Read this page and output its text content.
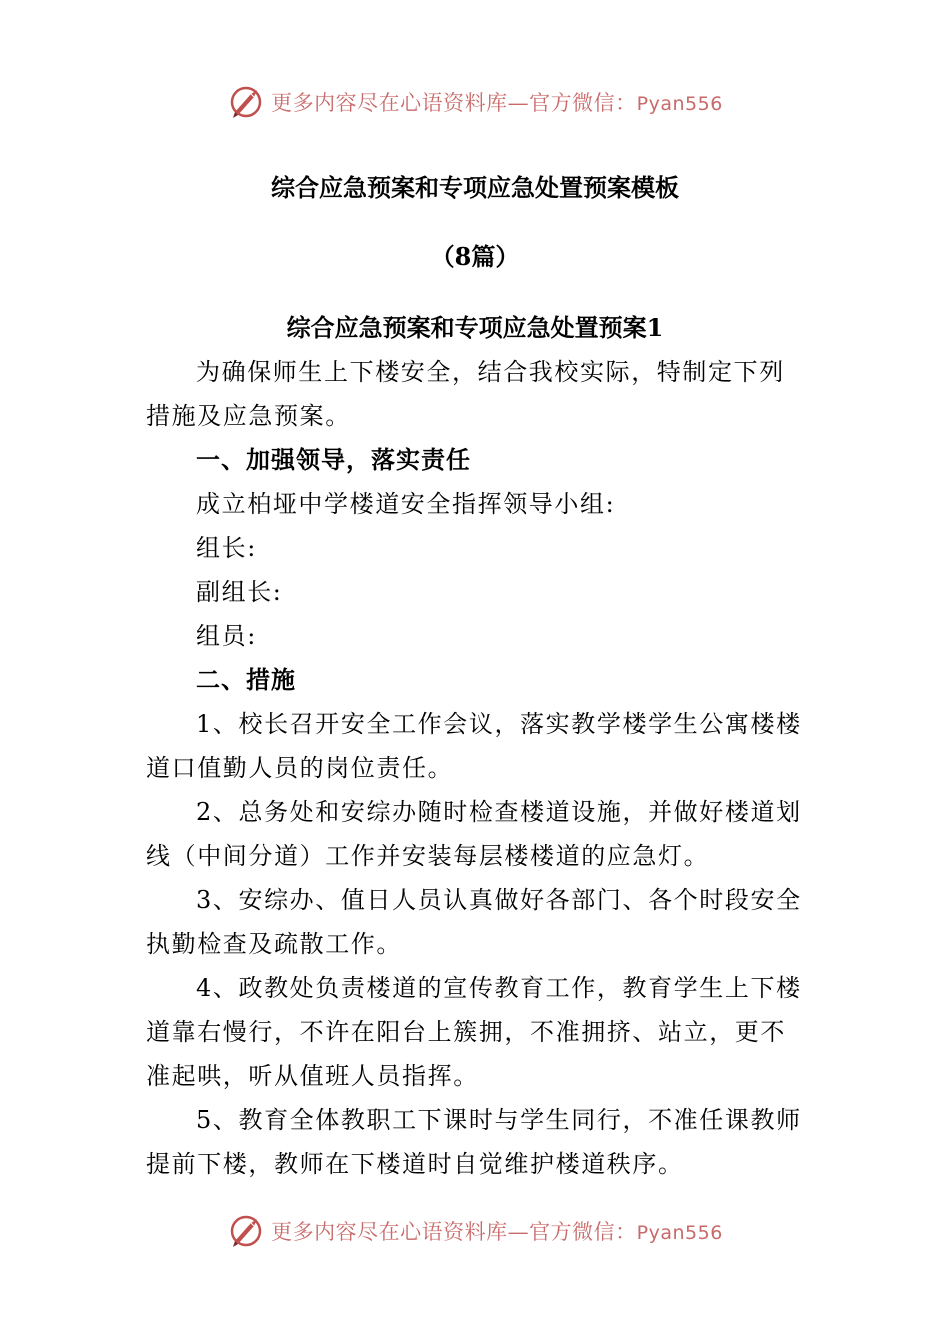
更多内容尽在心语资料库—官方微信：Pyan556
综合应急预案和专项应急处置预案模板
（8篇）
综合应急预案和专项应急处置预案1
为确保师生上下楼安全，结合我校实际，特制定下列措施及应急预案。
一、加强领导，落实责任
成立柏垭中学楼道安全指挥领导小组:
组长:
副组长:
组员:
二、措施
1、校长召开安全工作会议，落实教学楼学生公寓楼楼道口值勤人员的岗位责任。
2、总务处和安综办随时检查楼道设施，并做好楼道划线（中间分道）工作并安装每层楼楼道的应急灯。
3、安综办、值日人员认真做好各部门、各个时段安全执勤检查及疏散工作。
4、政教处负责楼道的宣传教育工作，教育学生上下楼道靠右慢行，不许在阳台上簇拥，不准拥挤、站立，更不准起哄，听从值班人员指挥。
5、教育全体教职工下课时与学生同行，不准任课教师提前下楼，教师在下楼道时自觉维护楼道秩序。
更多内容尽在心语资料库—官方微信：Pyan556
